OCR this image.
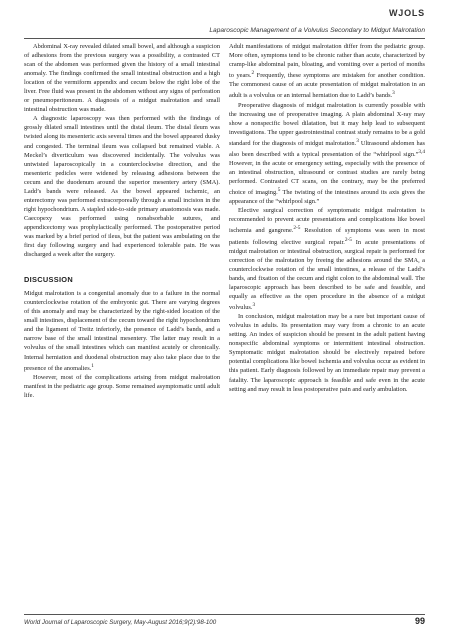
WJOLS
Laparoscopic Management of a Volvulus Secondary to Midgut Malrotation

Abdominal X-ray revealed dilated small bowel, and although a suspicion of adhesions from the previous surgery was a possibility, a contrasted CT scan of the abdomen was performed given the history of a small intestinal anomaly. The findings confirmed the small intestinal obstruction and a high location of the vermiform appendix and cecum below the right lobe of the liver. Free fluid was present in the abdomen without any signs of perforation or pneumoperitoneum. A diagnosis of a midgut malrotation and small intestinal obstruction was made.

A diagnostic laparoscopy was then performed with the findings of grossly dilated small intestines until the distal ileum. The distal ileum was twisted along its mesenteric axis several times and the bowel appeared dusky and congested. The terminal ileum was collapsed but remained viable. A Meckel’s diverticulum was discovered incidentally. The volvulus was untwisted laparoscopically in a counterclockwise direction, and the mesenteric pedicles were widened by releasing adhesions between the cecum and the duodenum around the superior mesentery artery (SMA). Ladd’s bands were released. As the bowel appeared ischemic, an enterectomy was performed extracorporeally through a small incision in the right hypochondrium. A stapled side-to-side primary anastomosis was made. Caecopexy was performed using nonabsorbable sutures, and appendicectomy was prophylactically performed. The postoperative period was marked by a brief period of ileus, but the patient was ambulating on the first day following surgery and had experienced tolerable pain. He was discharged a week after the surgery.

DISCUSSION

Midgut malrotation is a congenital anomaly due to a failure in the normal counterclockwise rotation of the embryonic gut. There are varying degrees of this anomaly and may be characterized by the right-sided location of the small intestines, displacement of the cecum toward the right hypochondrium and the ligament of Treitz inferiorly, the presence of Ladd’s bands, and a narrow base of the small intestinal mesentery. The latter may result in a volvulus of the small intestines which can manifest acutely or chronically. Internal herniation and duodenal obstruction may also take place due to the presence of the anomalies.$^1$

However, most of the complications arising from midgut malrotation manifest in the pediatric age group. Some remained asymptomatic until adult life.

Adult manifestations of midgut malrotation differ from the pediatric group. More often, symptoms tend to be chronic rather than acute, characterized by cramp-like abdominal pain, bloating, and vomiting over a period of months to years.$^2$ Frequently, these symptoms are mistaken for another condition. The commonest cause of an acute presentation of midgut malrotation in an adult is a volvulus or an internal herniation due to Ladd’s bands.$^3$

Preoperative diagnosis of midgut malrotation is currently possible with the increasing use of preoperative imaging. A plain abdominal X-ray may show a nonspecific bowel dilatation, but it may help lead to subsequent investigations. The upper gastrointestinal contrast study remains to be a gold standard for the diagnosis of midgut malrotation.$^3$ Ultrasound abdomen has also been described with a typical presentation of the “whirlpool sign.”$^{3,4}$ However, in the acute or emergency setting, especially with the presence of an intestinal obstruction, ultrasound or contrast studies are rarely being performed. Contrasted CT scans, on the contrary, may be the preferred choice of imaging.$^5$ The twisting of the intestines around its axis gives the appearance of the “whirlpool sign.”

Elective surgical correction of symptomatic midgut malrotation is recommended to prevent acute presentations and complications like bowel ischemia and gangrene.$^{2-5}$ Resolution of symptoms was seen in most patients following elective surgical repair.$^{2-5}$ In acute presentations of midgut malrotation or intestinal obstruction, surgical repair is performed for correction of the malrotation by freeing the adhesions around the SMA, a counterclockwise rotation of the small intestines, a release of the Ladd’s bands, and fixation of the cecum and right colon to the abdominal wall. The laparoscopic approach has been described to be safe and feasible, and equally as effective as the open procedure in the absence of a midgut volvulus.$^3$

In conclusion, midgut malrotation may be a rare but important cause of volvulus in adults. Its presentation may vary from a chronic to an acute setting. An index of suspicion should be present in the adult patient having nonspecific abdominal symptoms or intermittent intestinal obstruction. Symptomatic midgut malrotation should be electively repaired before potential complications like bowel ischemia and volvulus occur as evident in this patient. Early diagnosis followed by an immediate repair may prevent a fatality. The laparoscopic approach is feasible and safe even in the acute setting and may result in less postoperative pain and early ambulation.

World Journal of Laparoscopic Surgery, May-August 2016;9(2):98-100	99
